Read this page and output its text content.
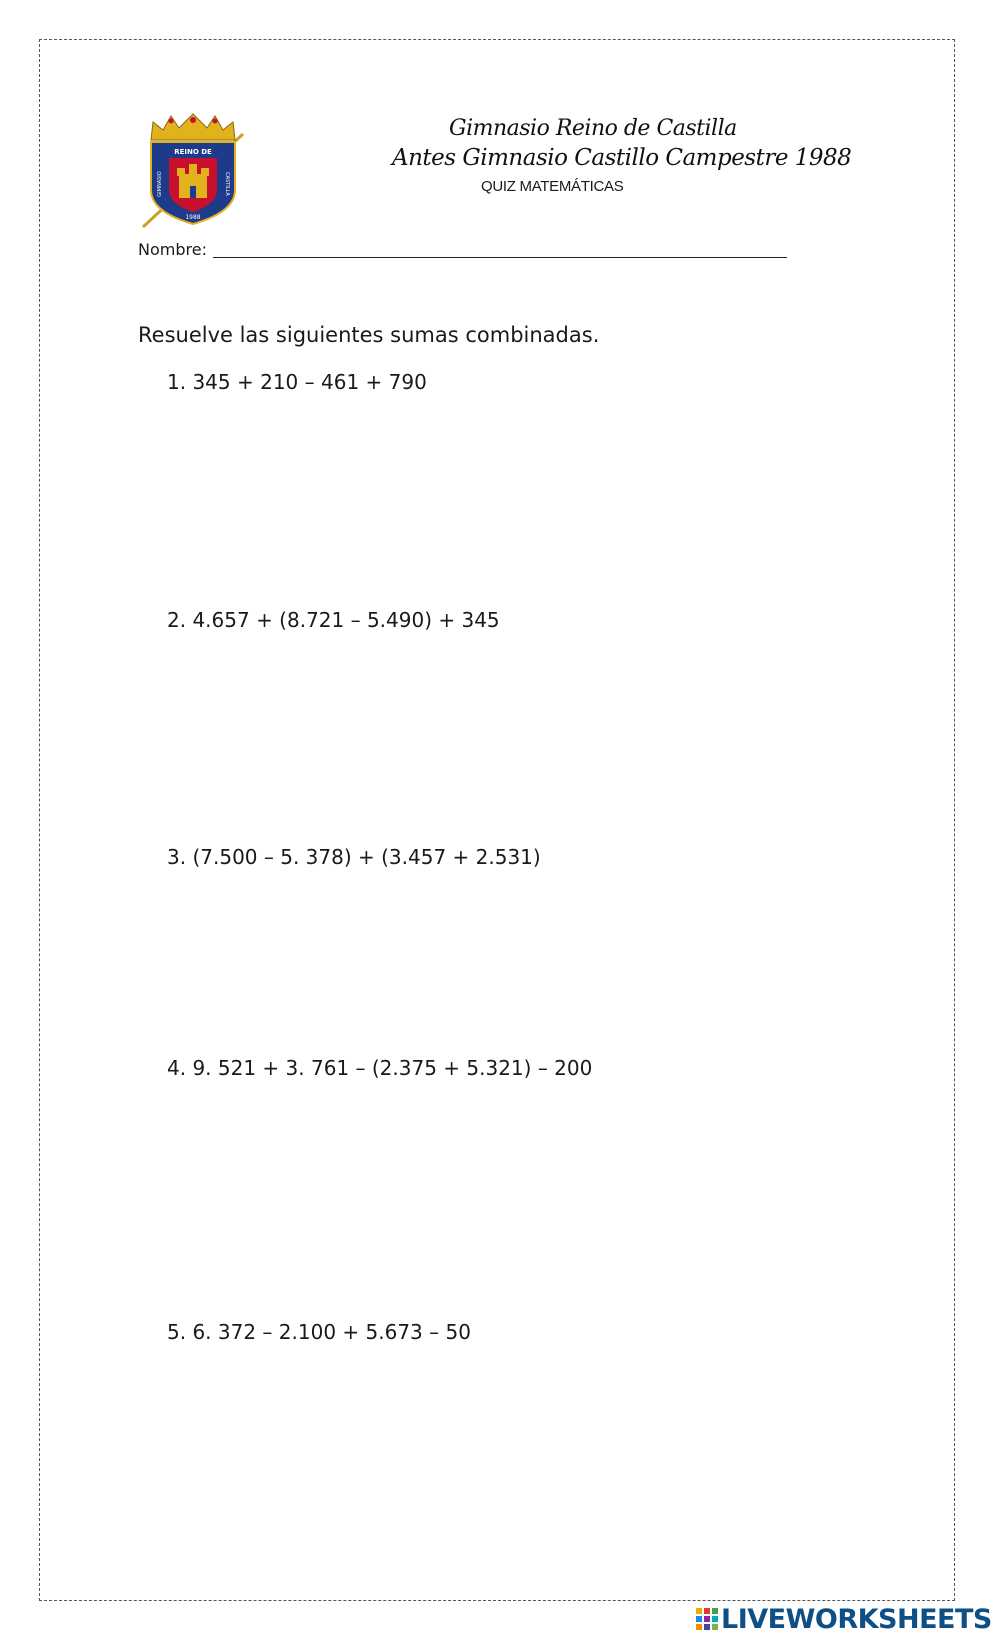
REINO DE
GIMNASIO	CASTILLA
1988
Gimnasio Reino de Castilla
Antes Gimnasio Castillo Campestre 1988
QUIZ MATEMÁTICAS
Nombre:
Resuelve las siguientes sumas combinadas.
1. 345 + 210 – 461 + 790
2. 4.657 + (8.721 – 5.490) + 345
3. (7.500 – 5. 378) + (3.457 + 2.531)
4. 9. 521 + 3. 761 – (2.375 + 5.321) – 200
5. 6. 372 – 2.100 + 5.673 – 50
LIVEWORKSHEETS
